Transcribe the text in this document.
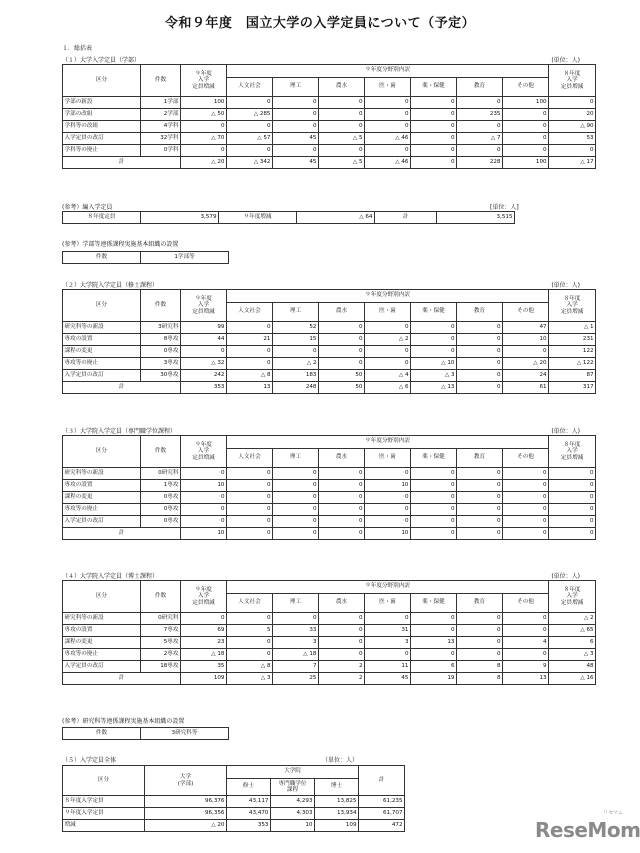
令和９年度　国立大学の入学定員について（予定）
１．総括表
（１）大学入学定員（学部）	(単位：人)
区分	件数	９年度
入学
定員増減	９年度分野別内訳							８年度
入学
定員増減
			人文社会	理工	農水	医・歯	薬・保健	教育	その他	
学部の新設	1学部	100	0	0	0	0	0	0	100	0
学部の改組	2学部	△ 50	△ 285	0	0	0	0	235	0	20
学科等の改組	4学科	0	0	0	0	0	0	0	0	△ 90
入学定員の改訂	32学科	△ 70	△ 57	45	△ 5	△ 46	0	△ 7	0	53
学科等の廃止	0学科	0	0	0	0	0	0	0	0	0
計		△ 20	△ 342	45	△ 5	△ 46	0	228	100	△ 17
（２）大学院入学定員（修士課程）	(単位：人)
区分	件数	９年度
入学
定員増減	９年度分野別内訳							８年度
入学
定員増減
			人文社会	理工	農水	医・歯	薬・保健	教育	その他	
研究科等の新設	3研究科	99	0	52	0	0	0	0	47	△ 1
専攻の設置	8専攻	44	21	15	0	△ 2	0	0	10	231
課程の変更	0専攻	0	0	0	0	0	0	0	0	122
専攻等の廃止	3専攻	△ 32	0	△ 2	0	0	△ 10	0	△ 20	△ 122
入学定員の改訂	30専攻	242	△ 8	183	50	△ 4	△ 3	0	24	87
計		353	13	248	50	△ 6	△ 13	0	61	317
（３）大学院入学定員（専門職学位課程）	(単位：人)
区分	件数	９年度
入学
定員増減	９年度分野別内訳							８年度
入学
定員増減
			人文社会	理工	農水	医・歯	薬・保健	教育	その他	
研究科等の新設	0研究科	0	0	0	0	0	0	0	0	0
専攻の設置	1専攻	10	0	0	0	10	0	0	0	0
課程の変更	0専攻	0	0	0	0	0	0	0	0	0
専攻等の廃止	0専攻	0	0	0	0	0	0	0	0	0
入学定員の改訂	0専攻	0	0	0	0	0	0	0	0	0
計		10	0	0	0	10	0	0	0	0
（４）大学院入学定員（博士課程）	(単位：人)
区分	件数	９年度
入学
定員増減	９年度分野別内訳							８年度
入学
定員増減
			人文社会	理工	農水	医・歯	薬・保健	教育	その他	
研究科等の新設	0研究科	0	0	0	0	0	0	0	0	△ 2
専攻の設置	7専攻	69	5	33	0	31	0	0	0	△ 65
課程の変更	5専攻	23	0	3	0	3	13	0	4	6
専攻等の廃止	2専攻	△ 18	0	△ 18	0	0	0	0	0	△ 3
入学定員の改訂	18専攻	35	△ 8	7	2	11	6	8	9	48
計		109	△ 3	25	2	45	19	8	13	△ 16
(参考）編入学定員	[単位：人]
８年度定員	3,579	９年度増減	△ 64	計	3,515
(参考）学部等連係課程実施基本組織の設置
件数	1学部等
(参考）研究科等連係課程実施基本組織の設置
件数	3研究科等
（５）入学定員全体	（単位：人）
区分	大学
(学部)	大学院			計
		修士	専門職学位
課程	博士	
８年度入学定員	96,376	43,117	4,293	13,825	61,235
９年度入学定員	96,356	43,470	4,303	13,934	61,707
増減	△ 20	353	10	109	472
リセマム
ReseMom
